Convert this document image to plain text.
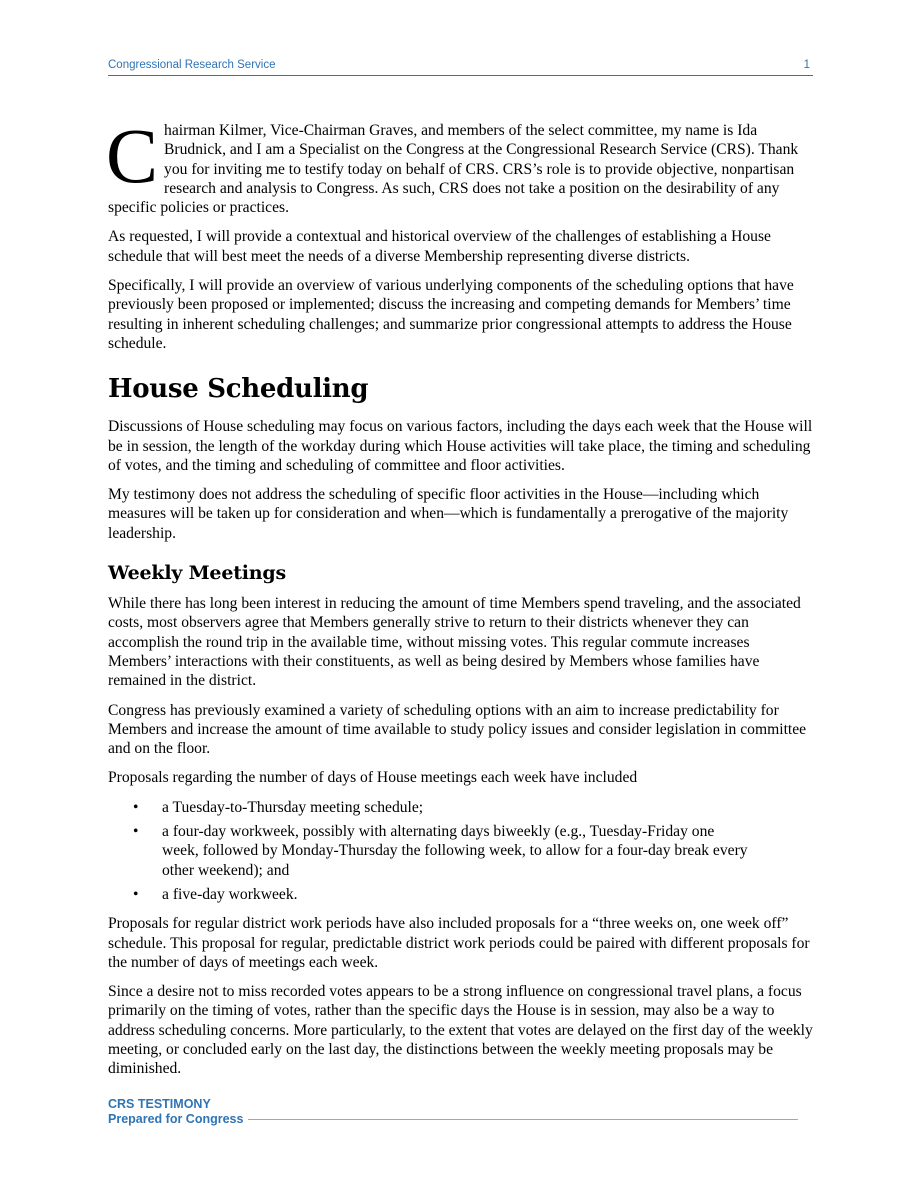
Congressional Research Service	1

Chairman Kilmer, Vice-Chairman Graves, and members of the select committee, my name is Ida Brudnick, and I am a Specialist on the Congress at the Congressional Research Service (CRS). Thank you for inviting me to testify today on behalf of CRS. CRS’s role is to provide objective, nonpartisan research and analysis to Congress. As such, CRS does not take a position on the desirability of any specific policies or practices.

As requested, I will provide a contextual and historical overview of the challenges of establishing a House schedule that will best meet the needs of a diverse Membership representing diverse districts.

Specifically, I will provide an overview of various underlying components of the scheduling options that have previously been proposed or implemented; discuss the increasing and competing demands for Members’ time resulting in inherent scheduling challenges; and summarize prior congressional attempts to address the House schedule.

House Scheduling

Discussions of House scheduling may focus on various factors, including the days each week that the House will be in session, the length of the workday during which House activities will take place, the timing and scheduling of votes, and the timing and scheduling of committee and floor activities.

My testimony does not address the scheduling of specific floor activities in the House—including which measures will be taken up for consideration and when—which is fundamentally a prerogative of the majority leadership.

Weekly Meetings

While there has long been interest in reducing the amount of time Members spend traveling, and the associated costs, most observers agree that Members generally strive to return to their districts whenever they can accomplish the round trip in the available time, without missing votes. This regular commute increases Members’ interactions with their constituents, as well as being desired by Members whose families have remained in the district.

Congress has previously examined a variety of scheduling options with an aim to increase predictability for Members and increase the amount of time available to study policy issues and consider legislation in committee and on the floor.

Proposals regarding the number of days of House meetings each week have included

• a Tuesday-to-Thursday meeting schedule;
• a four-day workweek, possibly with alternating days biweekly (e.g., Tuesday-Friday one week, followed by Monday-Thursday the following week, to allow for a four-day break every other weekend); and
• a five-day workweek.

Proposals for regular district work periods have also included proposals for a “three weeks on, one week off” schedule. This proposal for regular, predictable district work periods could be paired with different proposals for the number of days of meetings each week.

Since a desire not to miss recorded votes appears to be a strong influence on congressional travel plans, a focus primarily on the timing of votes, rather than the specific days the House is in session, may also be a way to address scheduling concerns. More particularly, to the extent that votes are delayed on the first day of the weekly meeting, or concluded early on the last day, the distinctions between the weekly meeting proposals may be diminished.

CRS TESTIMONY
Prepared for Congress
